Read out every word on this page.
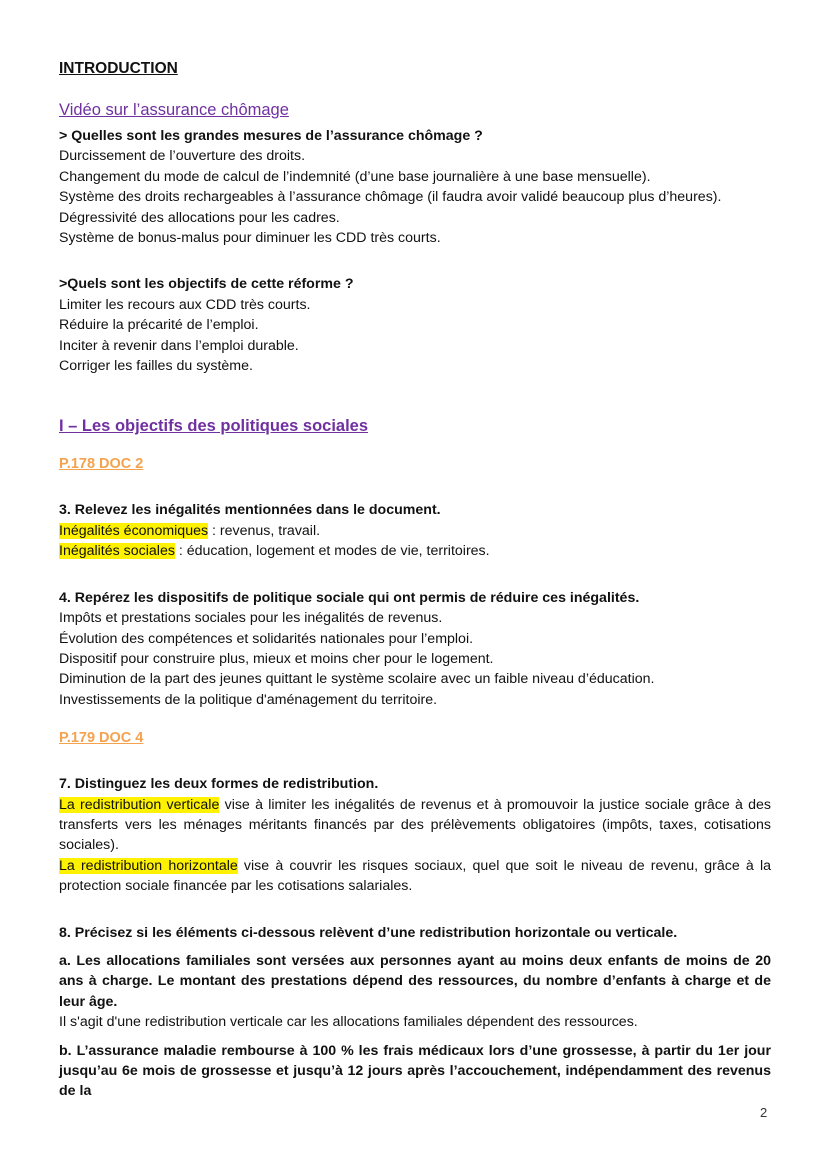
INTRODUCTION

Vidéo sur l’assurance chômage

> Quelles sont les grandes mesures de l’assurance chômage ?

Durcissement de l’ouverture des droits.

Changement du mode de calcul de l’indemnité (d’une base journalière à une base mensuelle).

Système des droits rechargeables à l’assurance chômage (il faudra avoir validé beaucoup plus d’heures).

Dégressivité des allocations pour les cadres.

Système de bonus-malus pour diminuer les CDD très courts.

>Quels sont les objectifs de cette réforme ?

Limiter les recours aux CDD très courts.

Réduire la précarité de l’emploi.

Inciter à revenir dans l’emploi durable.

Corriger les failles du système.

I – Les objectifs des politiques sociales

P.178 DOC 2

3. Relevez les inégalités mentionnées dans le document.

Inégalités économiques : revenus, travail.

Inégalités sociales : éducation, logement et modes de vie, territoires.

4. Repérez les dispositifs de politique sociale qui ont permis de réduire ces inégalités.

Impôts et prestations sociales pour les inégalités de revenus.

Évolution des compétences et solidarités nationales pour l’emploi.

Dispositif pour construire plus, mieux et moins cher pour le logement.

Diminution de la part des jeunes quittant le système scolaire avec un faible niveau d’éducation.

Investissements de la politique d'aménagement du territoire.

P.179 DOC 4

7. Distinguez les deux formes de redistribution.

La redistribution verticale vise à limiter les inégalités de revenus et à promouvoir la justice sociale grâce à des transferts vers les ménages méritants financés par des prélèvements obligatoires (impôts, taxes, cotisations sociales).

La redistribution horizontale vise à couvrir les risques sociaux, quel que soit le niveau de revenu, grâce à la protection sociale financée par les cotisations salariales.

8. Précisez si les éléments ci-dessous relèvent d’une redistribution horizontale ou verticale.

a. Les allocations familiales sont versées aux personnes ayant au moins deux enfants de moins de 20 ans à charge. Le montant des prestations dépend des ressources, du nombre d’enfants à charge et de leur âge.

Il s'agit d'une redistribution verticale car les allocations familiales dépendent des ressources.

b. L’assurance maladie rembourse à 100 % les frais médicaux lors d’une grossesse, à partir du 1er jour jusqu’au 6e mois de grossesse et jusqu’à 12 jours après l’accouchement, indépendamment des revenus de la

2
